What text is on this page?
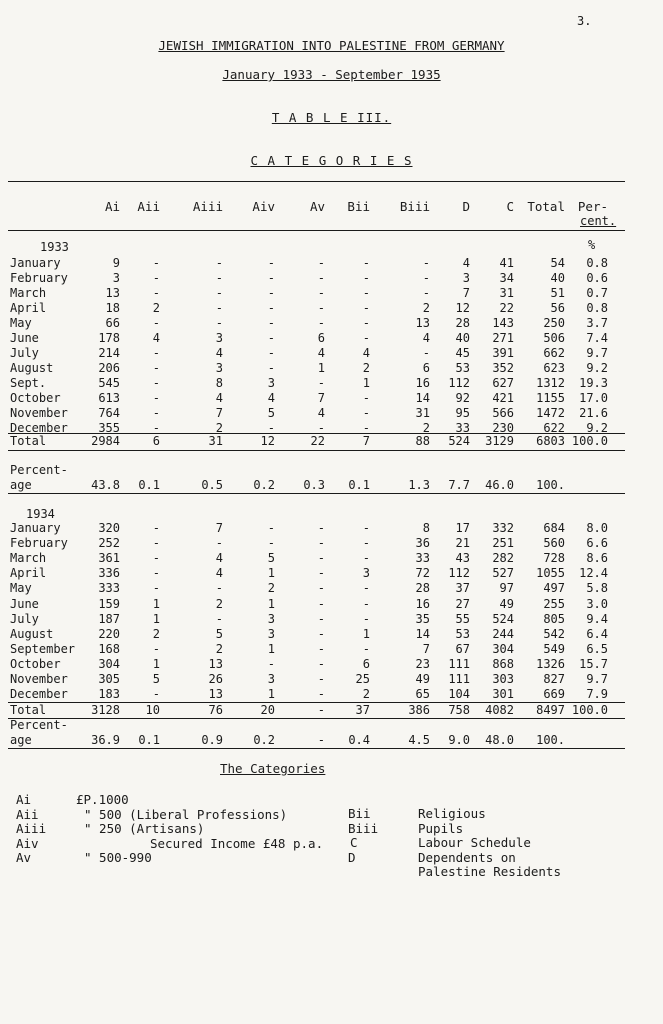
3.
JEWISH IMMIGRATION INTO PALESTINE FROM GERMANY
January 1933 - September 1935
T A B L E III.
C A T E G O R I E S
Ai	Aii	Aiii	Aiv	Av	Bii Biii	D	C Total	Per-
cent.
%
1933
January	9	-	-	-	-	-	-	4	41	54	0.8
February	3	-	-	-	-	-	-	3	34	40	0.6
March	13	-	-	-	-	-	-	7	31	51	0.7
April	18	2	-	-	-	-	2	12	22	56	0.8
May	66	-	-	-	-	-	13	28	143	250	3.7
June	178	4	3	-	6	-	4	40	271	506	7.4
July	214	-	4	-	4	4	-	45	391	662	9.7
August	206	-	3	-	1	2	6	53	352	623	9.2
Sept.	545	-	8	3	-	1	16	112	627	1312	19.3
October	613	-	4	4	7	-	14	92	421	1155	17.0
November	764	-	7	5	4	-	31	95	566	1472	21.6
December	355	-	2	-	-	-	2	33	230	622	9.2
Total	2984	6	31	12	22	7	88	524	3129	6803 100.0
Percent-
age	43.8	0.1	0.5	0.2	0.3	0.1	1.3	7.7	46.0	100.
1934
January	320	-	7	-	-	-	8	17	332	684	8.0
February	252	-	-	-	-	-	36	21	251	560	6.6
March	361	-	4	5	-	-	33	43	282	728	8.6
April	336	-	4	1	-	3	72	112	527	1055	12.4
May	333	-	-	2	-	-	28	37	97	497	5.8
June	159	1	2	1	-	-	16	27	49	255	3.0
July	187	1	-	3	-	-	35	55	524	805	9.4
August	220	2	5	3	-	1	14	53	244	542	6.4
September	168	-	2	1	-	-	7	67	304	549	6.5
October	304	1	13	-	-	6	23	111	868	1326	15.7
November	305	5	26	3	-	25	49	111	303	827	9.7
December	183	-	13	1	-	2	65	104	301	669	7.9
Total	3128	10	76	20	-	37	386	758	4082	8497 100.0
Percent-
age	36.9	0.1	0.9	0.2	-	0.4	4.5	9.0	48.0	100.
The Categories
Ai	£P.1000
Aii	" 500 (Liberal Professions)
Aiii	" 250 (Artisans)
Aiv	Secured Income £48 p.a.
Av	" 500-990
Bii	Religious
Biii	Pupils
C	Labour Schedule
D	Dependents on
Palestine Residents
